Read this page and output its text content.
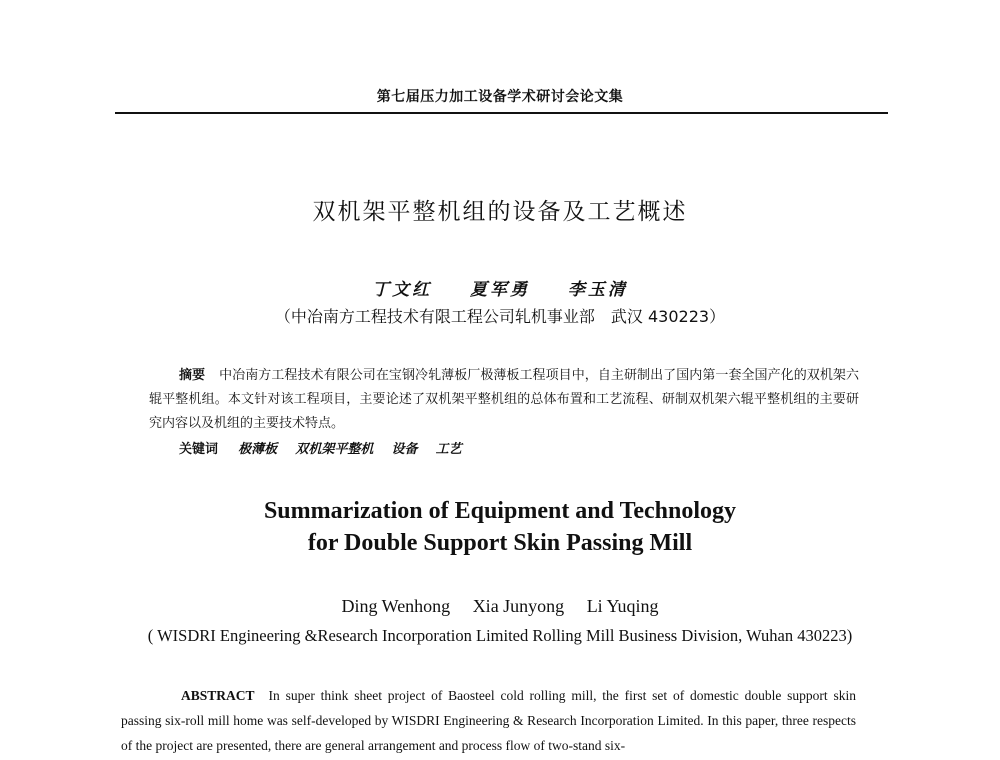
第七届压力加工设备学术研讨会论文集
双机架平整机组的设备及工艺概述
丁文红 夏军勇 李玉清
（中冶南方工程技术有限工程公司轧机事业部　武汉 430223）
摘要 中冶南方工程技术有限公司在宝钢冷轧薄板厂极薄板工程项目中，自主研制出了国内第一套全国产化的双机架六辊平整机组。本文针对该工程项目，主要论述了双机架平整机组的总体布置和工艺流程、研制双机架六辊平整机组的主要研究内容以及机组的主要技术特点。
关键词 极薄板 双机架平整机 设备 工艺
Summarization of Equipment and Technology
for Double Support Skin Passing Mill
Ding Wenhong Xia Junyong Li Yuqing
( WISDRI Engineering &Research Incorporation Limited Rolling Mill Business Division, Wuhan 430223)
ABSTRACT In super think sheet project of Baosteel cold rolling mill, the first set of domestic double support skin passing six-roll mill home was self-developed by WISDRI Engineering & Research Incorporation Limited. In this paper, three respects of the project are presented, there are general arrangement and process flow of two-stand six-
